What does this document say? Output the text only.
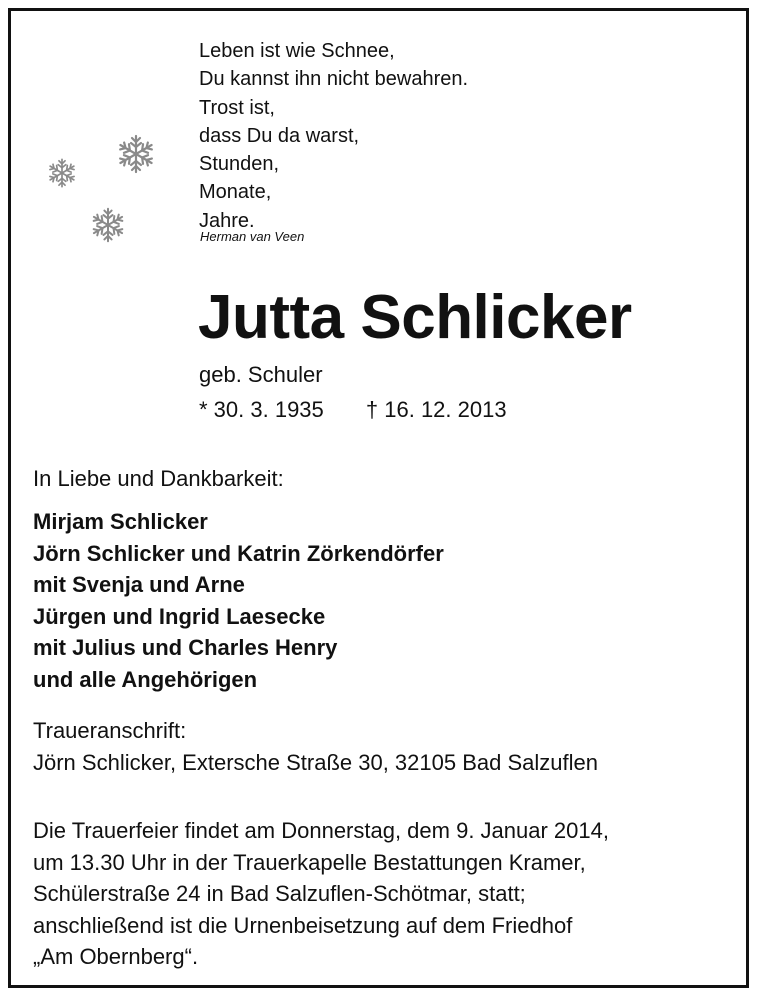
Leben ist wie Schnee,
Du kannst ihn nicht bewahren.
Trost ist,
dass Du da warst,
Stunden,
Monate,
Jahre.
Herman van Veen
Jutta Schlicker
geb. Schuler
* 30. 3. 1935 † 16. 12. 2013
In Liebe und Dankbarkeit:
Mirjam Schlicker
Jörn Schlicker und Katrin Zörkendörfer
mit Svenja und Arne
Jürgen und Ingrid Laesecke
mit Julius und Charles Henry
und alle Angehörigen
Traueranschrift:
Jörn Schlicker, Extersche Straße 30, 32105 Bad Salzuflen
Die Trauerfeier findet am Donnerstag, dem 9. Januar 2014,
um 13.30 Uhr in der Trauerkapelle Bestattungen Kramer,
Schülerstraße 24 in Bad Salzuflen-Schötmar, statt;
anschließend ist die Urnenbeisetzung auf dem Friedhof
„Am Obernberg“.
